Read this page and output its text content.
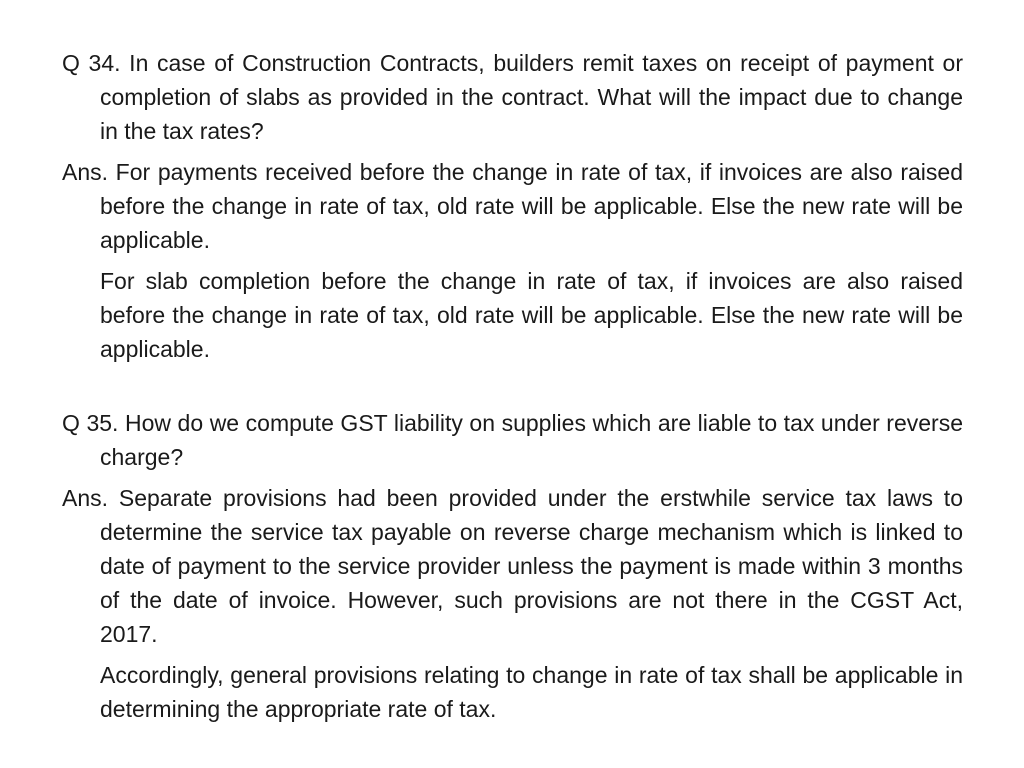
Q 34. In case of Construction Contracts, builders remit taxes on receipt of payment or completion of slabs as provided in the contract. What will the impact due to change in the tax rates?

Ans. For payments received before the change in rate of tax, if invoices are also raised before the change in rate of tax, old rate will be applicable. Else the new rate will be applicable.

For slab completion before the change in rate of tax, if invoices are also raised before the change in rate of tax, old rate will be applicable. Else the new rate will be applicable.

Q 35. How do we compute GST liability on supplies which are liable to tax under reverse charge?

Ans. Separate provisions had been provided under the erstwhile service tax laws to determine the service tax payable on reverse charge mechanism which is linked to date of payment to the service provider unless the payment is made within 3 months of the date of invoice. However, such provisions are not there in the CGST Act, 2017.

Accordingly, general provisions relating to change in rate of tax shall be applicable in determining the appropriate rate of tax.
